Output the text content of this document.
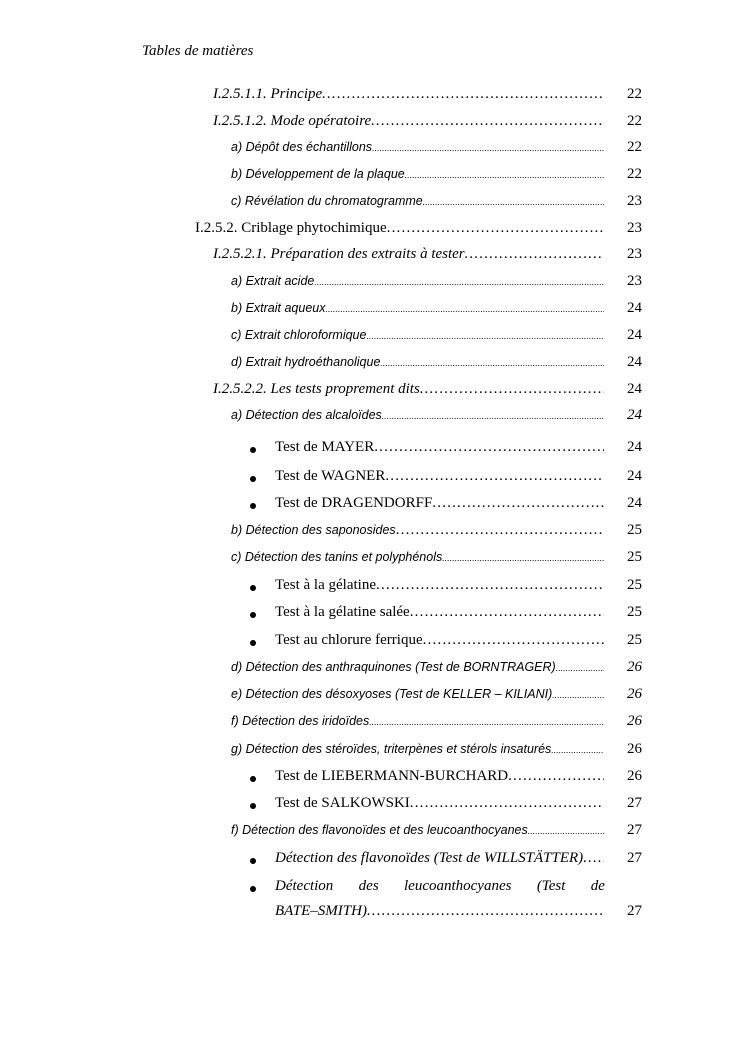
Tables de matières
I.2.5.1.1. Principe .....	22
I.2.5.1.2. Mode opératoire .....	22
a) Dépôt des échantillons .....	22
b) Développement de la plaque .....	22
c) Révélation du chromatogramme .....	23
I.2.5.2. Criblage phytochimique .....	23
I.2.5.2.1. Préparation des extraits à tester .....	23
a) Extrait acide .....	23
b) Extrait aqueux .....	24
c) Extrait chloroformique .....	24
d) Extrait hydroéthanolique .....	24
I.2.5.2.2. Les tests proprement dits .....	24
a) Détection des alcaloïdes .....	24
Test de MAYER .....	24
Test de WAGNER .....	24
Test de DRAGENDORFF .....	24
b) Détection des saponosides .....	25
c) Détection des tanins et polyphénols .....	25
Test à la gélatine .....	25
Test à la gélatine salée .....	25
Test au chlorure ferrique .....	25
d) Détection des anthraquinones (Test de BORNTRAGER) .....	26
e) Détection des désoxyoses (Test de KELLER – KILIANI) .....	26
f) Détection des iridoïdes .....	26
g) Détection des stéroïdes, triterpènes et stérols insaturés .....	26
Test de LIEBERMANN-BURCHARD .....	26
Test de SALKOWSKI .....	27
f) Détection des flavonoïdes et des leucoanthocyanes .....	27
Détection des flavonoïdes (Test de WILLSTÄTTER) .....	27
Détection des leucoanthocyanes (Test de
BATE–SMITH) .....	27
